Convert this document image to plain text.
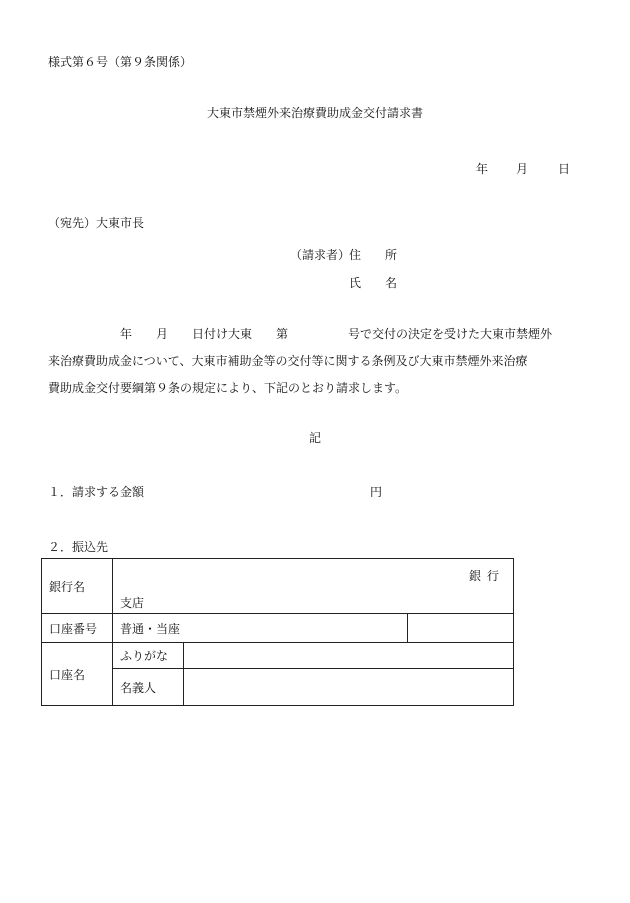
様式第６号（第９条関係）
大東市禁煙外来治療費助成金交付請求書
年 月	日
（宛先）大東市長
（請求者）
住　　所
氏　　名
　　　　　　年　　月　　日付け大東　　第　　　　　号で交付の決定を受けた大東市禁煙外
来治療費助成金について、大東市補助金等の交付等に関する条例及び大東市禁煙外来治療
費助成金交付要綱第９条の規定により、下記のとおり請求します。
記
１．請求する金額	円
２．振込先
銀行名	銀行
支店		

口座番号	普通・当座		
口座名	ふりがな		
	名義人		
